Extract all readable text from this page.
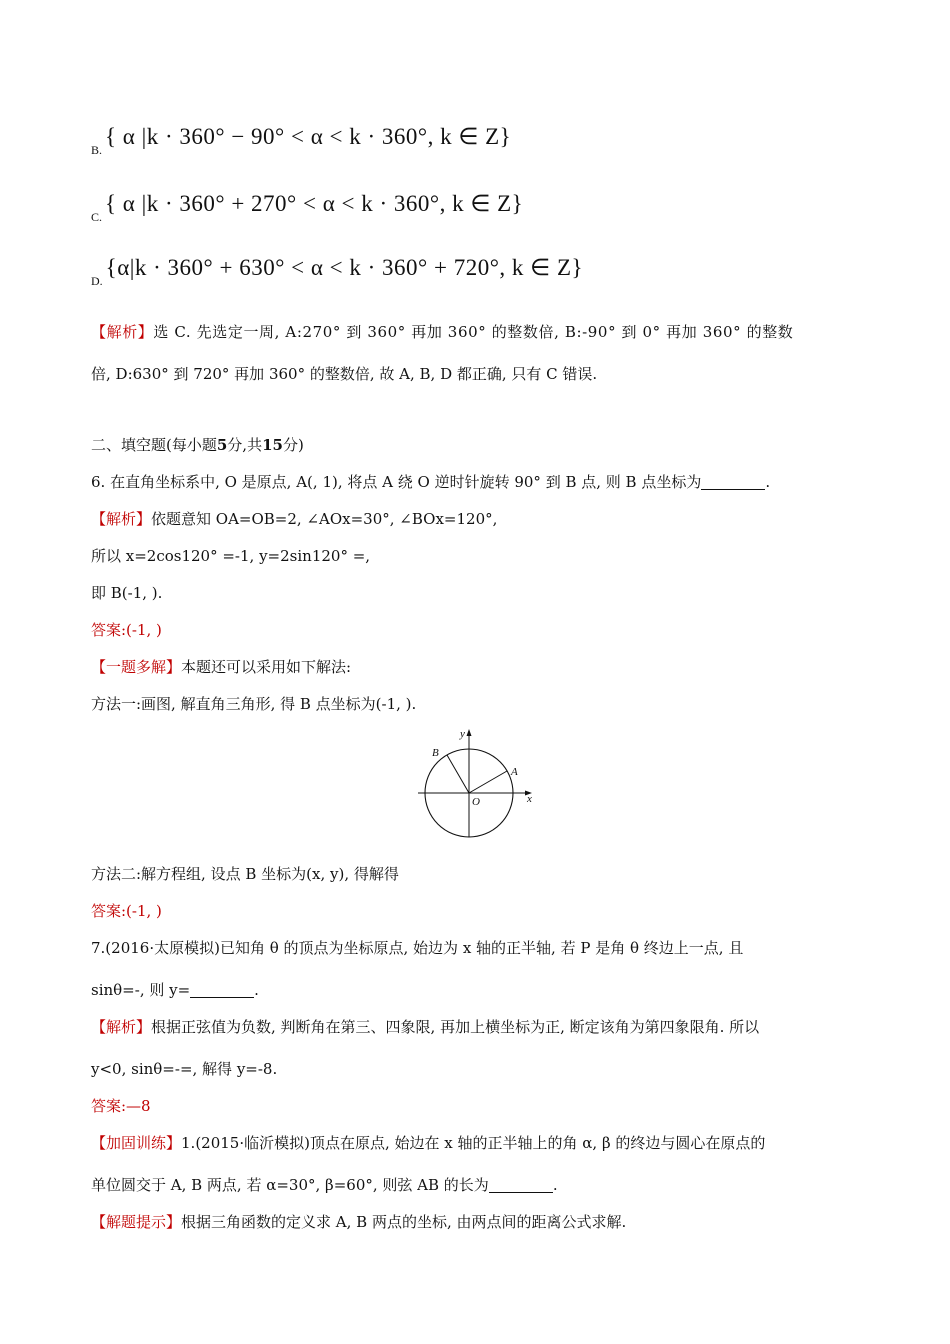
$_{B.}${ α |k · 360° − 90° < α < k · 360°, k ∈ Z}
$_{C.}${ α |k · 360° + 270° < α < k · 360°, k ∈ Z}
$_{D.}${α|k · 360° + 630° < α < k · 360° + 720°, k ∈ Z}
【解析】选 C. 先选定一周, A:270° 到 360° 再加 360° 的整数倍, B:-90° 到 0° 再加 360° 的整数
倍, D:630° 到 720° 再加 360° 的整数倍, 故 A, B, D 都正确, 只有 C 错误.
二、填空题(每小题5分,共15分)
6. 在直角坐标系中, O 是原点, A(, 1), 将点 A 绕 O 逆时针旋转 90° 到 B 点, 则 B 点坐标为	.
【解析】依题意知 OA=OB=2, ∠AOx=30°, ∠BOx=120°,
所以 x=2cos120° =-1, y=2sin120° =,
即 B(-1, ).
答案:(-1, )
【一题多解】本题还可以采用如下解法:
方法一:画图, 解直角三角形, 得 B 点坐标为(-1, ).
y
B
A
O	x
方法二:解方程组, 设点 B 坐标为(x, y), 得解得
答案:(-1, )
7.(2016·太原模拟)已知角 θ 的顶点为坐标原点, 始边为 x 轴的正半轴, 若 P 是角 θ 终边上一点, 且
sinθ=-, 则 y=	.
【解析】根据正弦值为负数, 判断角在第三、四象限, 再加上横坐标为正, 断定该角为第四象限角. 所以
y<0, sinθ=-=, 解得 y=-8.
答案:—8
【加固训练】1.(2015·临沂模拟)顶点在原点, 始边在 x 轴的正半轴上的角 α, β 的终边与圆心在原点的
单位圆交于 A, B 两点, 若 α=30°, β=60°, 则弦 AB 的长为	.
【解题提示】根据三角函数的定义求 A, B 两点的坐标, 由两点间的距离公式求解.
